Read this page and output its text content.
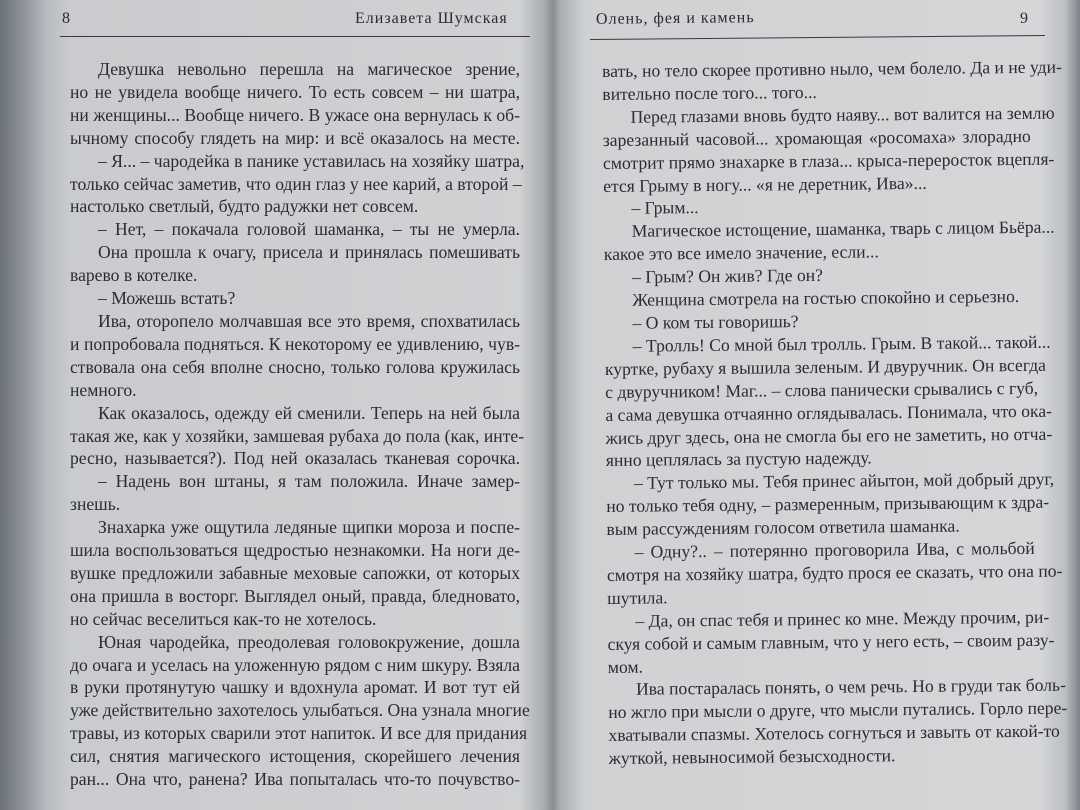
8	Елизавета Шумская
Девушка невольно перешла на магическое зрение,
но не увидела вообще ничего. То есть совсем – ни шатра,
ни женщины... Вообще ничего. В ужасе она вернулась к об-
ычному способу глядеть на мир: и всё оказалось на месте.
– Я... – чародейка в панике уставилась на хозяйку шатра,
только сейчас заметив, что один глаз у нее карий, а второй –
настолько светлый, будто радужки нет совсем.
– Нет, – покачала головой шаманка, – ты не умерла.
Она прошла к очагу, присела и принялась помешивать
варево в котелке.
– Можешь встать?
Ива, оторопело молчавшая все это время, спохватилась
и попробовала подняться. К некоторому ее удивлению, чув-
ствовала она себя вполне сносно, только голова кружилась
немного.
Как оказалось, одежду ей сменили. Теперь на ней была
такая же, как у хозяйки, замшевая рубаха до пола (как, инте-
ресно, называется?). Под ней оказалась тканевая сорочка.
– Надень вон штаны, я там положила. Иначе замер-
знешь.
Знахарка уже ощутила ледяные щипки мороза и поспе-
шила воспользоваться щедростью незнакомки. На ноги де-
вушке предложили забавные меховые сапожки, от которых
она пришла в восторг. Выглядел оный, правда, бледновато,
но сейчас веселиться как-то не хотелось.
Юная чародейка, преодолевая головокружение, дошла
до очага и уселась на уложенную рядом с ним шкуру. Взяла
в руки протянутую чашку и вдохнула аромат. И вот тут ей
уже действительно захотелось улыбаться. Она узнала многие
травы, из которых сварили этот напиток. И все для придания
сил, снятия магического истощения, скорейшего лечения
ран... Она что, ранена? Ива попыталась что-то почувство-
Олень, фея и камень	9
вать, но тело скорее противно ныло, чем болело. Да и не уди-
вительно после того... того...
Перед глазами вновь будто наяву... вот валится на землю
зарезанный часовой... хромающая «росомаха» злорадно
смотрит прямо знахарке в глаза... крыса-переросток вцепля-
ется Грыму в ногу... «я не деретник, Ива»...
– Грым...
Магическое истощение, шаманка, тварь с лицом Бьёра...
какое это все имело значение, если...
– Грым? Он жив? Где он?
Женщина смотрела на гостью спокойно и серьезно.
– О ком ты говоришь?
– Тролль! Со мной был тролль. Грым. В такой... такой...
куртке, рубаху я вышила зеленым. И двуручник. Он всегда
с двуручником! Маг... – слова панически срывались с губ,
а сама девушка отчаянно оглядывалась. Понимала, что ока-
жись друг здесь, она не смогла бы его не заметить, но отча-
янно цеплялась за пустую надежду.
– Тут только мы. Тебя принес айытон, мой добрый друг,
но только тебя одну, – размеренным, призывающим к здра-
вым рассуждениям голосом ответила шаманка.
– Одну?.. – потерянно проговорила Ива, с мольбой
смотря на хозяйку шатра, будто прося ее сказать, что она по-
шутила.
– Да, он спас тебя и принес ко мне. Между прочим, ри-
скуя собой и самым главным, что у него есть, – своим разу-
мом.
Ива постаралась понять, о чем речь. Но в груди так боль-
но жгло при мысли о друге, что мысли путались. Горло пере-
хватывали спазмы. Хотелось согнуться и завыть от какой-то
жуткой, невыносимой безысходности.
